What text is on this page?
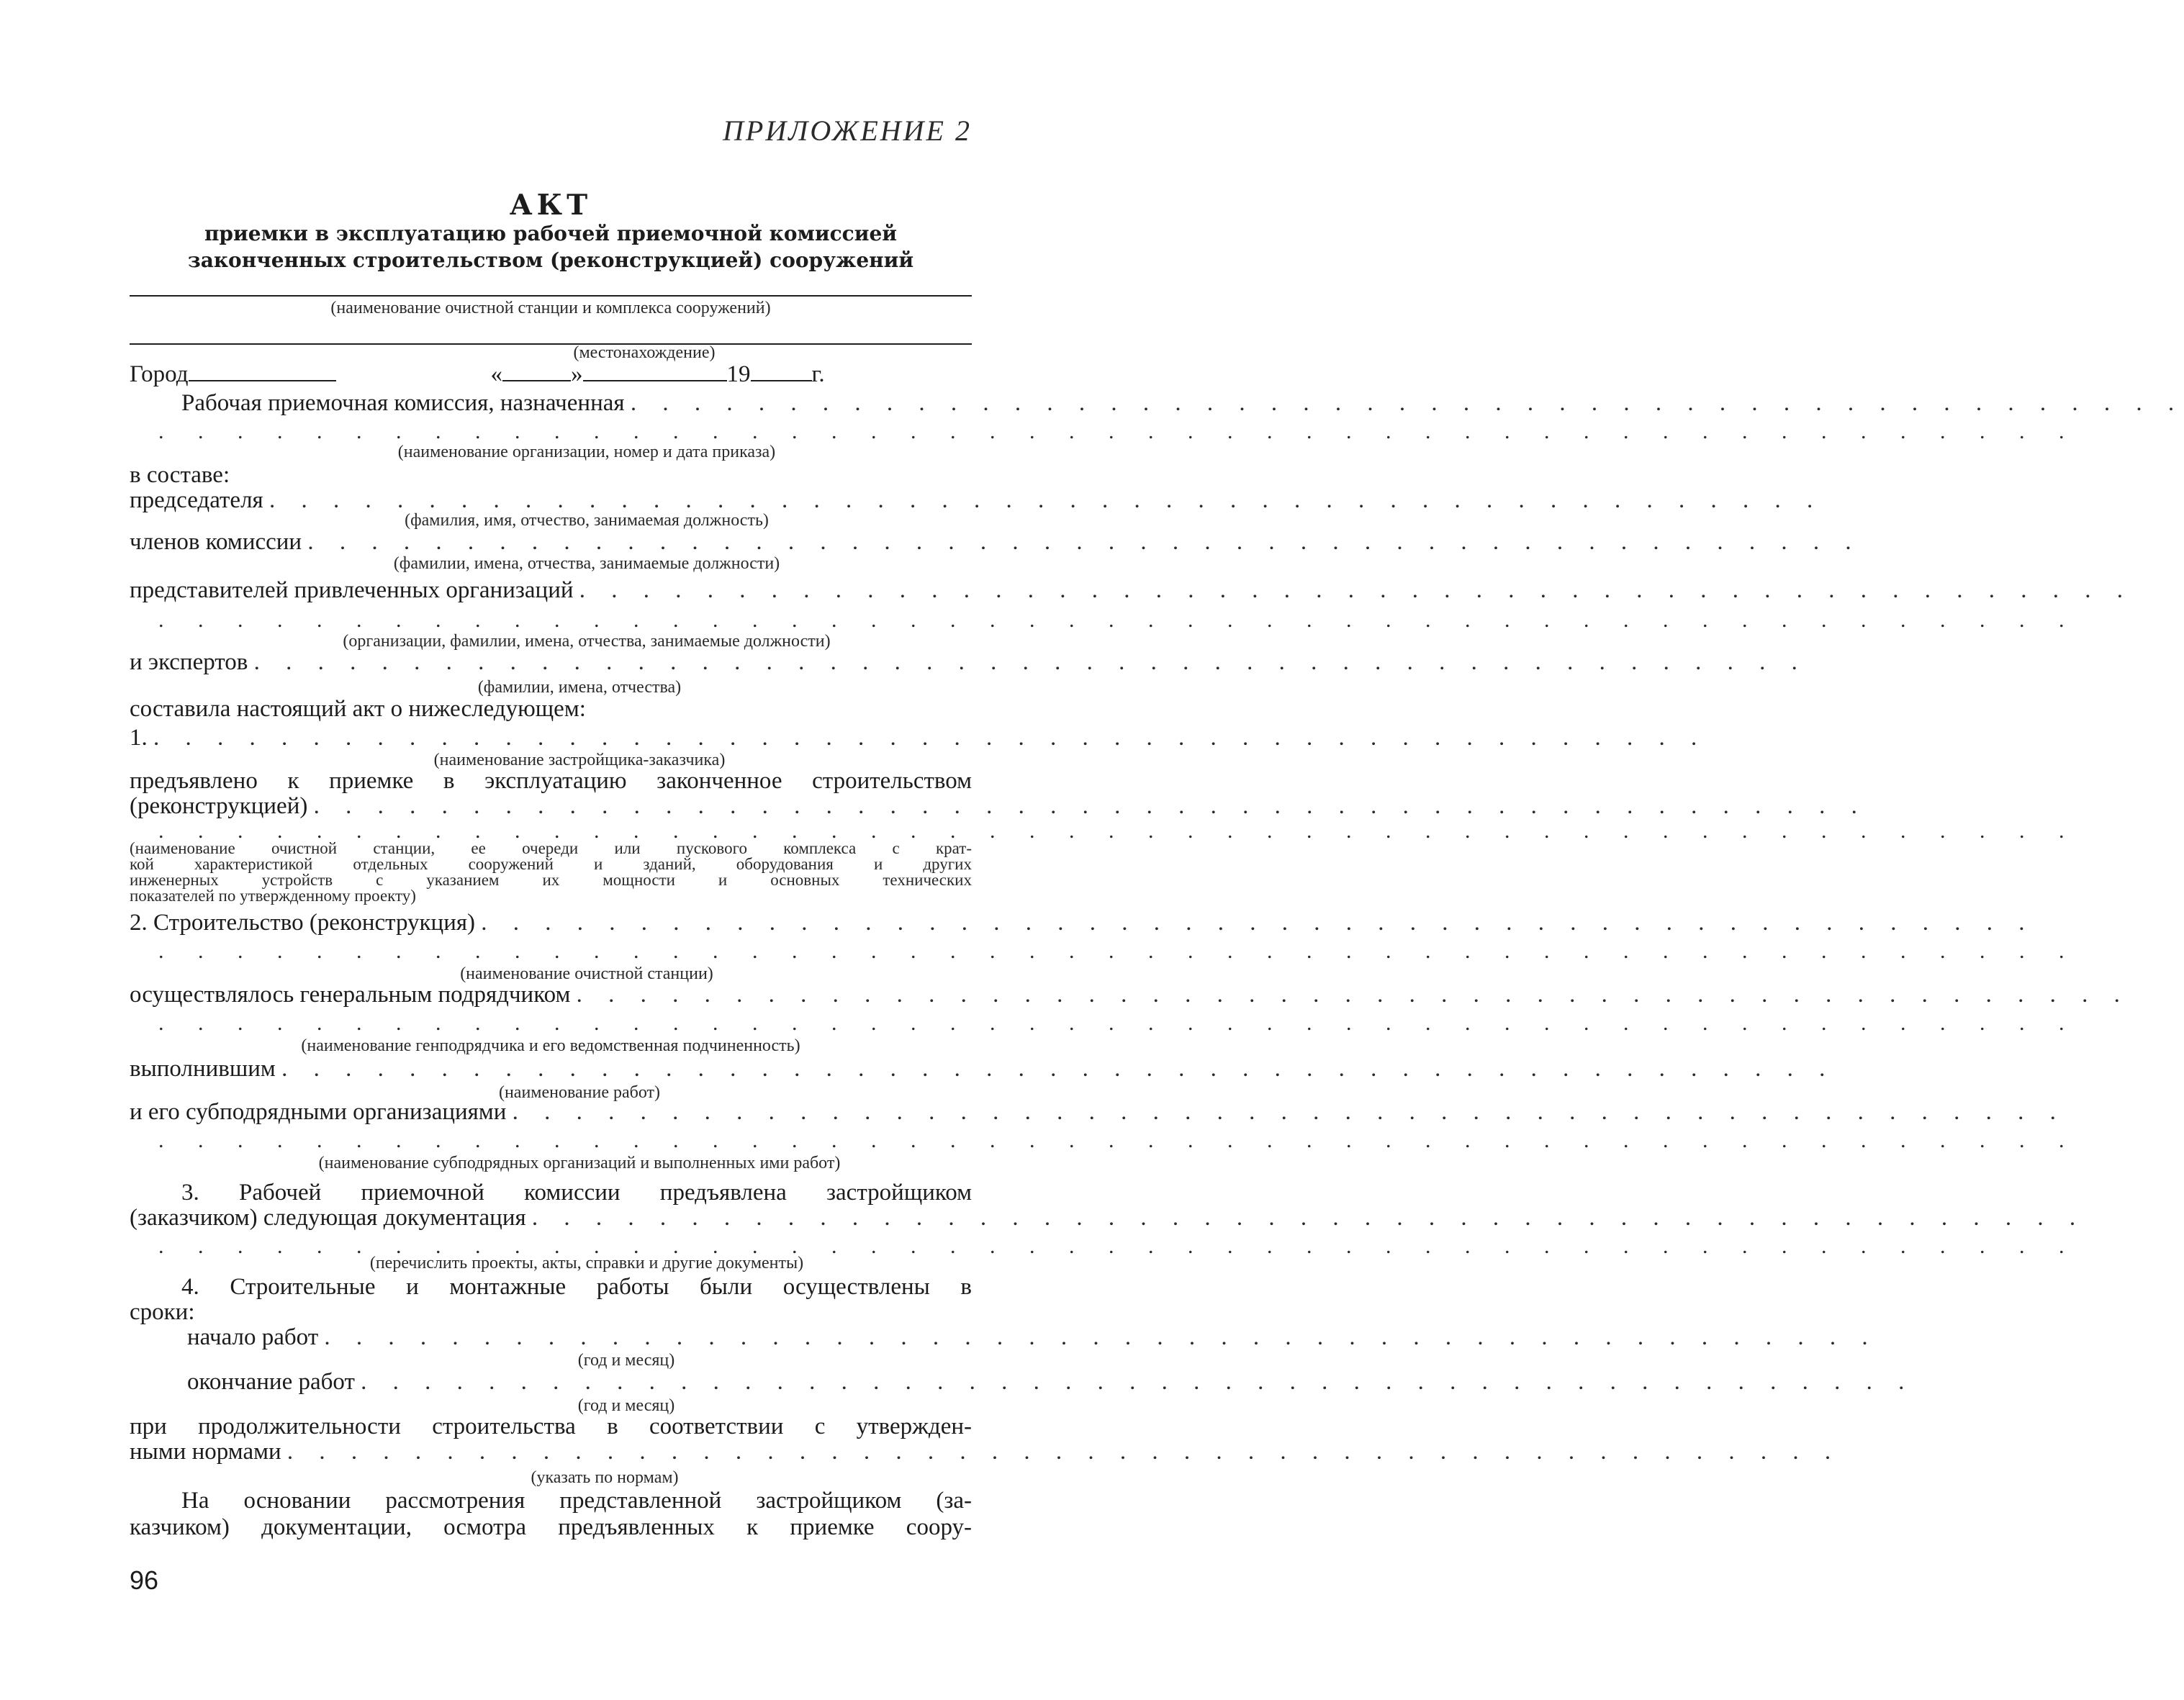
ПРИЛОЖЕНИЕ 2
АКТ
приемки в эксплуатацию рабочей приемочной комиссией
законченных строительством (реконструкцией) сооружений
(наименование очистной станции и комплекса сооружений)
(местонахождение)
Город	«	»	19	г.
Рабочая приемочная комиссия, назначенная . . . . . . . . . . . . . . . . . . . . . . . . . . . . . . . . . . . . . . . . . . . . . . . . .
. . . . . . . . . . . . . . . . . . . . . . . . . . . . . . . . . . . . . . . . . . . . . . . . .
(наименование организации, номер и дата приказа)
в составе:
председателя . . . . . . . . . . . . . . . . . . . . . . . . . . . . . . . . . . . . . . . . . . . . . . . . .
(фамилия, имя, отчество, занимаемая должность)
членов комиссии . . . . . . . . . . . . . . . . . . . . . . . . . . . . . . . . . . . . . . . . . . . . . . . . .
(фамилии, имена, отчества, занимаемые должности)
представителей привлеченных организаций . . . . . . . . . . . . . . . . . . . . . . . . . . . . . . . . . . . . . . . . . . . . . . . . .
. . . . . . . . . . . . . . . . . . . . . . . . . . . . . . . . . . . . . . . . . . . . . . . . .
(организации, фамилии, имена, отчества, занимаемые должности)
и экспертов . . . . . . . . . . . . . . . . . . . . . . . . . . . . . . . . . . . . . . . . . . . . . . . . .
(фамилии, имена, отчества)
составила настоящий акт о нижеследующем:
1. . . . . . . . . . . . . . . . . . . . . . . . . . . . . . . . . . . . . . . . . . . . . . . . . .
(наименование застройщика-заказчика)
предъявлено к приемке в эксплуатацию законченное строительством
(реконструкцией) . . . . . . . . . . . . . . . . . . . . . . . . . . . . . . . . . . . . . . . . . . . . . . . . .
. . . . . . . . . . . . . . . . . . . . . . . . . . . . . . . . . . . . . . . . . . . . . . . . .
(наименование очистной станции, ее очереди или пускового комплекса с крат-
кой характеристикой отдельных сооружений и зданий, оборудования и других
инженерных устройств с указанием их мощности и основных технических
показателей по утвержденному проекту)
2. Строительство (реконструкция) . . . . . . . . . . . . . . . . . . . . . . . . . . . . . . . . . . . . . . . . . . . . . . . . .
. . . . . . . . . . . . . . . . . . . . . . . . . . . . . . . . . . . . . . . . . . . . . . . . .
(наименование очистной станции)
осуществлялось генеральным подрядчиком . . . . . . . . . . . . . . . . . . . . . . . . . . . . . . . . . . . . . . . . . . . . . . . . .
. . . . . . . . . . . . . . . . . . . . . . . . . . . . . . . . . . . . . . . . . . . . . . . . .
(наименование генподрядчика и его ведомственная подчиненность)
выполнившим . . . . . . . . . . . . . . . . . . . . . . . . . . . . . . . . . . . . . . . . . . . . . . . . .
(наименование работ)
и его субподрядными организациями . . . . . . . . . . . . . . . . . . . . . . . . . . . . . . . . . . . . . . . . . . . . . . . . .
. . . . . . . . . . . . . . . . . . . . . . . . . . . . . . . . . . . . . . . . . . . . . . . . .
(наименование субподрядных организаций и выполненных ими работ)
3. Рабочей приемочной комиссии предъявлена застройщиком
(заказчиком) следующая документация . . . . . . . . . . . . . . . . . . . . . . . . . . . . . . . . . . . . . . . . . . . . . . . . .
. . . . . . . . . . . . . . . . . . . . . . . . . . . . . . . . . . . . . . . . . . . . . . . . .
(перечислить проекты, акты, справки и другие документы)
4. Строительные и монтажные работы были осуществлены в
сроки:
начало работ . . . . . . . . . . . . . . . . . . . . . . . . . . . . . . . . . . . . . . . . . . . . . . . . .
(год и месяц)
окончание работ . . . . . . . . . . . . . . . . . . . . . . . . . . . . . . . . . . . . . . . . . . . . . . . . .
(год и месяц)
при продолжительности строительства в соответствии с утвержден-
ными нормами . . . . . . . . . . . . . . . . . . . . . . . . . . . . . . . . . . . . . . . . . . . . . . . . .
(указать по нормам)
На основании рассмотрения представленной застройщиком (за-
казчиком) документации, осмотра предъявленных к приемке соору-
96
